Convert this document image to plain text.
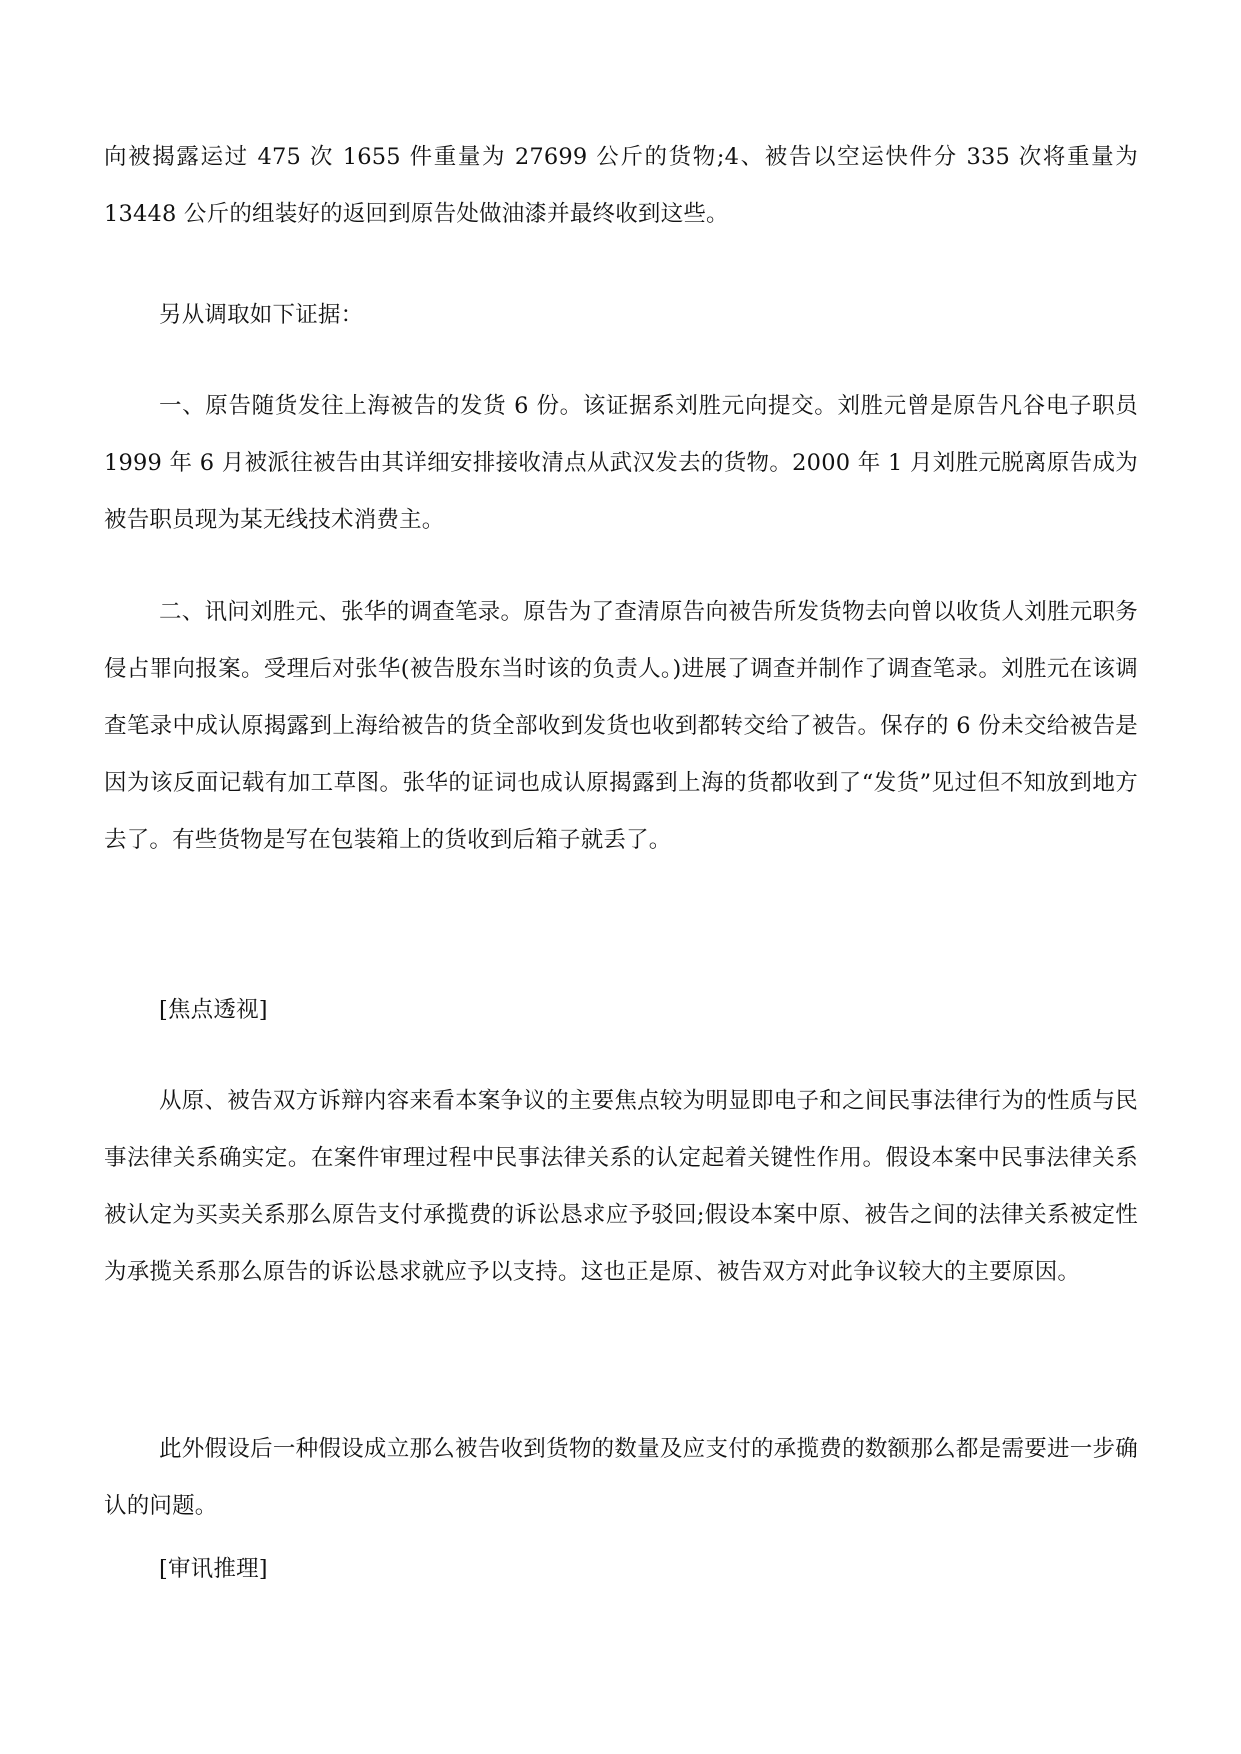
向被揭露运过 475 次 1655 件重量为 27699 公斤的货物;4、被告以空运快件分 335 次将重量为 13448 公斤的组装好的返回到原告处做油漆并最终收到这些。

另从调取如下证据：

一、原告随货发往上海被告的发货 6 份。该证据系刘胜元向提交。刘胜元曾是原告凡谷电子职员 1999 年 6 月被派往被告由其详细安排接收清点从武汉发去的货物。2000 年 1 月刘胜元脱离原告成为被告职员现为某无线技术消费主。

二、讯问刘胜元、张华的调查笔录。原告为了查清原告向被告所发货物去向曾以收货人刘胜元职务侵占罪向报案。受理后对张华(被告股东当时该的负责人。)进展了调查并制作了调查笔录。刘胜元在该调查笔录中成认原揭露到上海给被告的货全部收到发货也收到都转交给了被告。保存的 6 份未交给被告是因为该反面记载有加工草图。张华的证词也成认原揭露到上海的货都收到了“发货”见过但不知放到地方去了。有些货物是写在包装箱上的货收到后箱子就丢了。

[焦点透视]

从原、被告双方诉辩内容来看本案争议的主要焦点较为明显即电子和之间民事法律行为的性质与民事法律关系确实定。在案件审理过程中民事法律关系的认定起着关键性作用。假设本案中民事法律关系被认定为买卖关系那么原告支付承揽费的诉讼恳求应予驳回;假设本案中原、被告之间的法律关系被定性为承揽关系那么原告的诉讼恳求就应予以支持。这也正是原、被告双方对此争议较大的主要原因。

此外假设后一种假设成立那么被告收到货物的数量及应支付的承揽费的数额那么都是需要进一步确认的问题。

[审讯推理]
